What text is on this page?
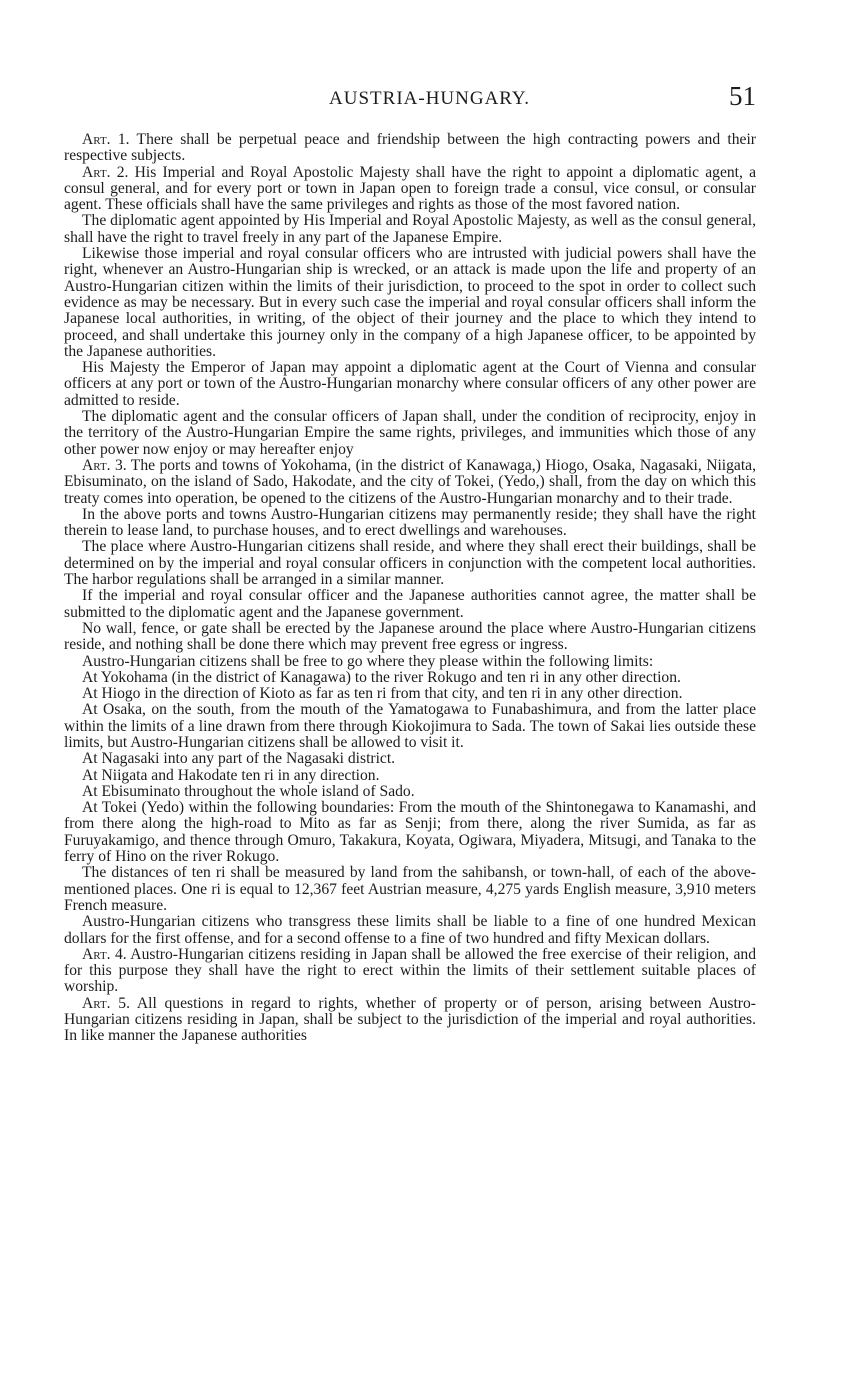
AUSTRIA-HUNGARY.	51

Art. 1. There shall be perpetual peace and friendship between the high contracting powers and their respective subjects.

Art. 2. His Imperial and Royal Apostolic Majesty shall have the right to appoint a diplomatic agent, a consul general, and for every port or town in Japan open to foreign trade a consul, vice consul, or consular agent. These officials shall have the same privileges and rights as those of the most favored nation.

The diplomatic agent appointed by His Imperial and Royal Apostolic Majesty, as well as the consul general, shall have the right to travel freely in any part of the Japanese Empire.

Likewise those imperial and royal consular officers who are intrusted with judicial powers shall have the right, whenever an Austro-Hungarian ship is wrecked, or an attack is made upon the life and property of an Austro-Hungarian citizen within the limits of their jurisdiction, to proceed to the spot in order to collect such evidence as may be necessary. But in every such case the imperial and royal consular officers shall inform the Japanese local authorities, in writing, of the object of their journey and the place to which they intend to proceed, and shall undertake this journey only in the company of a high Japanese officer, to be appointed by the Japanese authorities.

His Majesty the Emperor of Japan may appoint a diplomatic agent at the Court of Vienna and consular officers at any port or town of the Austro-Hungarian monarchy where consular officers of any other power are admitted to reside.

The diplomatic agent and the consular officers of Japan shall, under the condition of reciprocity, enjoy in the territory of the Austro-Hungarian Empire the same rights, privileges, and immunities which those of any other power now enjoy or may hereafter enjoy

Art. 3. The ports and towns of Yokohama, (in the district of Kanawaga,) Hiogo, Osaka, Nagasaki, Niigata, Ebisuminato, on the island of Sado, Hakodate, and the city of Tokei, (Yedo,) shall, from the day on which this treaty comes into operation, be opened to the citizens of the Austro-Hungarian monarchy and to their trade.

In the above ports and towns Austro-Hungarian citizens may permanently reside; they shall have the right therein to lease land, to purchase houses, and to erect dwellings and warehouses.

The place where Austro-Hungarian citizens shall reside, and where they shall erect their buildings, shall be determined on by the imperial and royal consular officers in conjunction with the competent local authorities. The harbor regulations shall be arranged in a similar manner.

If the imperial and royal consular officer and the Japanese authorities cannot agree, the matter shall be submitted to the diplomatic agent and the Japanese government.

No wall, fence, or gate shall be erected by the Japanese around the place where Austro-Hungarian citizens reside, and nothing shall be done there which may prevent free egress or ingress.

Austro-Hungarian citizens shall be free to go where they please within the following limits:

At Yokohama (in the district of Kanagawa) to the river Rokugo and ten ri in any other direction.

At Hiogo in the direction of Kioto as far as ten ri from that city, and ten ri in any other direction.

At Osaka, on the south, from the mouth of the Yamatogawa to Funabashimura, and from the latter place within the limits of a line drawn from there through Kiokojimura to Sada. The town of Sakai lies outside these limits, but Austro-Hungarian citizens shall be allowed to visit it.

At Nagasaki into any part of the Nagasaki district.

At Niigata and Hakodate ten ri in any direction.

At Ebisuminato throughout the whole island of Sado.

At Tokei (Yedo) within the following boundaries: From the mouth of the Shintonegawa to Kanamashi, and from there along the high-road to Mito as far as Senji; from there, along the river Sumida, as far as Furuyakamigo, and thence through Omuro, Takakura, Koyata, Ogiwara, Miyadera, Mitsugi, and Tanaka to the ferry of Hino on the river Rokugo.

The distances of ten ri shall be measured by land from the sahibansh, or town-hall, of each of the above-mentioned places. One ri is equal to 12,367 feet Austrian measure, 4,275 yards English measure, 3,910 meters French measure.

Austro-Hungarian citizens who transgress these limits shall be liable to a fine of one hundred Mexican dollars for the first offense, and for a second offense to a fine of two hundred and fifty Mexican dollars.

Art. 4. Austro-Hungarian citizens residing in Japan shall be allowed the free exercise of their religion, and for this purpose they shall have the right to erect within the limits of their settlement suitable places of worship.

Art. 5. All questions in regard to rights, whether of property or of person, arising between Austro-Hungarian citizens residing in Japan, shall be subject to the jurisdiction of the imperial and royal authorities. In like manner the Japanese authorities
